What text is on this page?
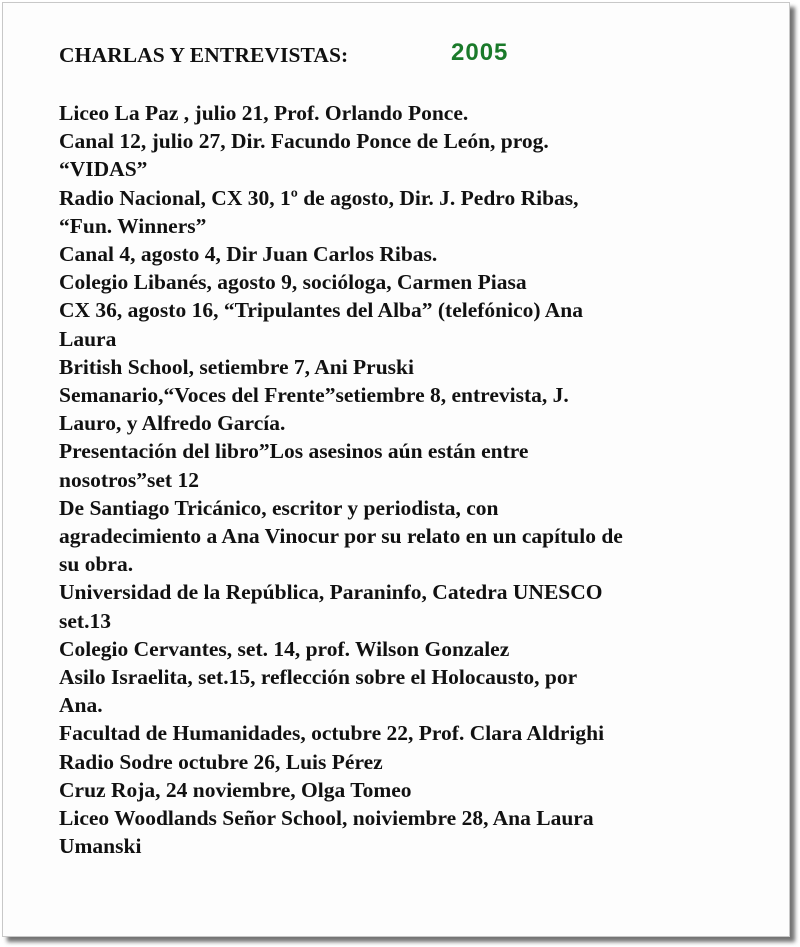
CHARLAS Y ENTREVISTAS:	2005
Liceo La Paz , julio 21, Prof. Orlando Ponce.
Canal 12, julio 27, Dir. Facundo Ponce de León, prog.
“VIDAS”
Radio Nacional, CX 30, 1º de agosto, Dir. J. Pedro Ribas,
“Fun. Winners”
Canal 4, agosto 4, Dir Juan Carlos Ribas.
Colegio Libanés, agosto 9, socióloga, Carmen Piasa
CX 36, agosto 16, “Tripulantes del Alba” (telefónico) Ana
Laura
British School, setiembre 7, Ani Pruski
Semanario,“Voces del Frente”setiembre 8, entrevista, J.
Lauro, y Alfredo García.
Presentación del libro”Los asesinos aún están entre
nosotros”set 12
De Santiago Tricánico, escritor y periodista, con
agradecimiento a Ana Vinocur por su relato en un capítulo de
su obra.
Universidad de la República, Paraninfo, Catedra UNESCO
set.13
Colegio Cervantes, set. 14, prof. Wilson Gonzalez
Asilo Israelita, set.15, reflección sobre el Holocausto, por
Ana.
Facultad de Humanidades, octubre 22, Prof. Clara Aldrighi
Radio Sodre octubre 26, Luis Pérez
Cruz Roja, 24 noviembre, Olga Tomeo
Liceo Woodlands Señor School, noiviembre 28, Ana Laura
Umanski
